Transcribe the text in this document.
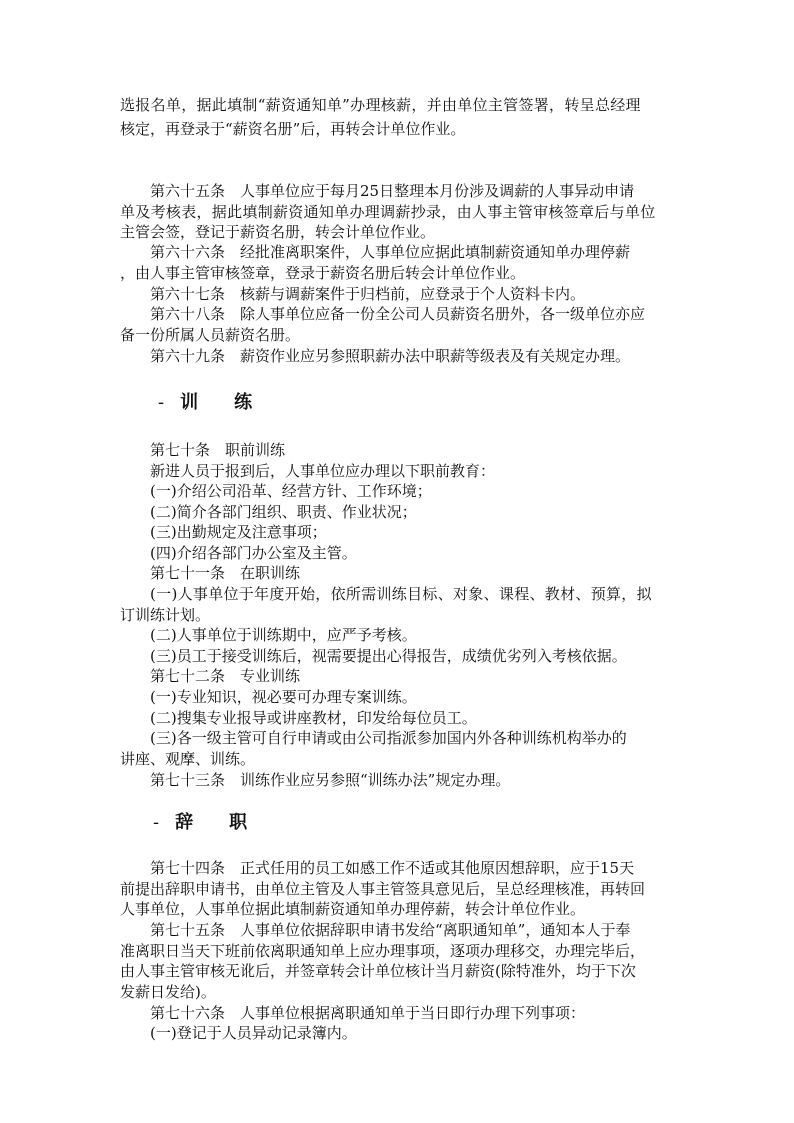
选报名单，据此填制“薪资通知单”办理核薪，并由单位主管签署，转呈总经理
核定，再登录于“薪资名册”后，再转会计单位作业。
第六十五条　人事单位应于每月25日整理本月份涉及调薪的人事异动申请
单及考核表，据此填制薪资通知单办理调薪抄录，由人事主管审核签章后与单位
主管会签，登记于薪资名册，转会计单位作业。
第六十六条　经批准离职案件，人事单位应据此填制薪资通知单办理停薪
，由人事主管审核签章，登录于薪资名册后转会计单位作业。
第六十七条　核薪与调薪案件于归档前，应登录于个人资料卡内。
第六十八条　除人事单位应备一份全公司人员薪资名册外，各一级单位亦应
备一份所属人员薪资名册。
第六十九条　薪资作业应另参照职薪办法中职薪等级表及有关规定办理。
- 训　　练
第七十条　职前训练
新进人员于报到后，人事单位应办理以下职前教育：
(一)介绍公司沿革、经营方针、工作环境；
(二)简介各部门组织、职责、作业状况；
(三)出勤规定及注意事项；
(四)介绍各部门办公室及主管。
第七十一条　在职训练
(一)人事单位于年度开始，依所需训练目标、对象、课程、教材、预算，拟
订训练计划。
(二)人事单位于训练期中，应严予考核。
(三)员工于接受训练后，视需要提出心得报告，成绩优劣列入考核依据。
第七十二条　专业训练
(一)专业知识，视必要可办理专案训练。
(二)搜集专业报导或讲座教材，印发给每位员工。
(三)各一级主管可自行申请或由公司指派参加国内外各种训练机构举办的
讲座、观摩、训练。
第七十三条　训练作业应另参照“训练办法”规定办理。
- 辞　　职
第七十四条　正式任用的员工如感工作不适或其他原因想辞职，应于15天
前提出辞职申请书，由单位主管及人事主管签具意见后，呈总经理核准，再转回
人事单位，人事单位据此填制薪资通知单办理停薪，转会计单位作业。
第七十五条　人事单位依据辞职申请书发给“离职通知单”，通知本人于奉
准离职日当天下班前依离职通知单上应办理事项，逐项办理移交，办理完毕后，
由人事主管审核无讹后，并签章转会计单位核计当月薪资(除特准外，均于下次
发薪日发给)。
第七十六条　人事单位根据离职通知单于当日即行办理下列事项：
(一)登记于人员异动记录簿内。
